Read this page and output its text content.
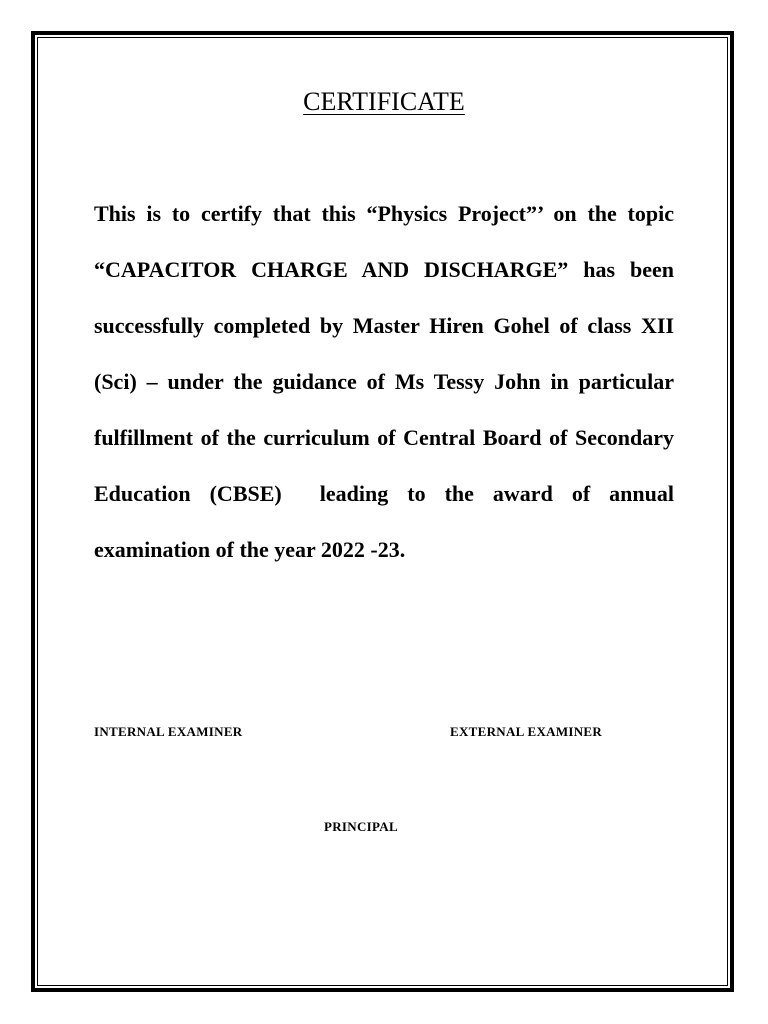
CERTIFICATE

This is to certify that this “Physics Project”’ on the topic “CAPACITOR CHARGE AND DISCHARGE” has been successfully completed by Master Hiren Gohel of class XII (Sci) – under the guidance of Ms Tessy John in particular fulfillment of the curriculum of Central Board of Secondary Education (CBSE)  leading to the award of annual examination of the year 2022 -23.

INTERNAL EXAMINER	EXTERNAL EXAMINER
PRINCIPAL
